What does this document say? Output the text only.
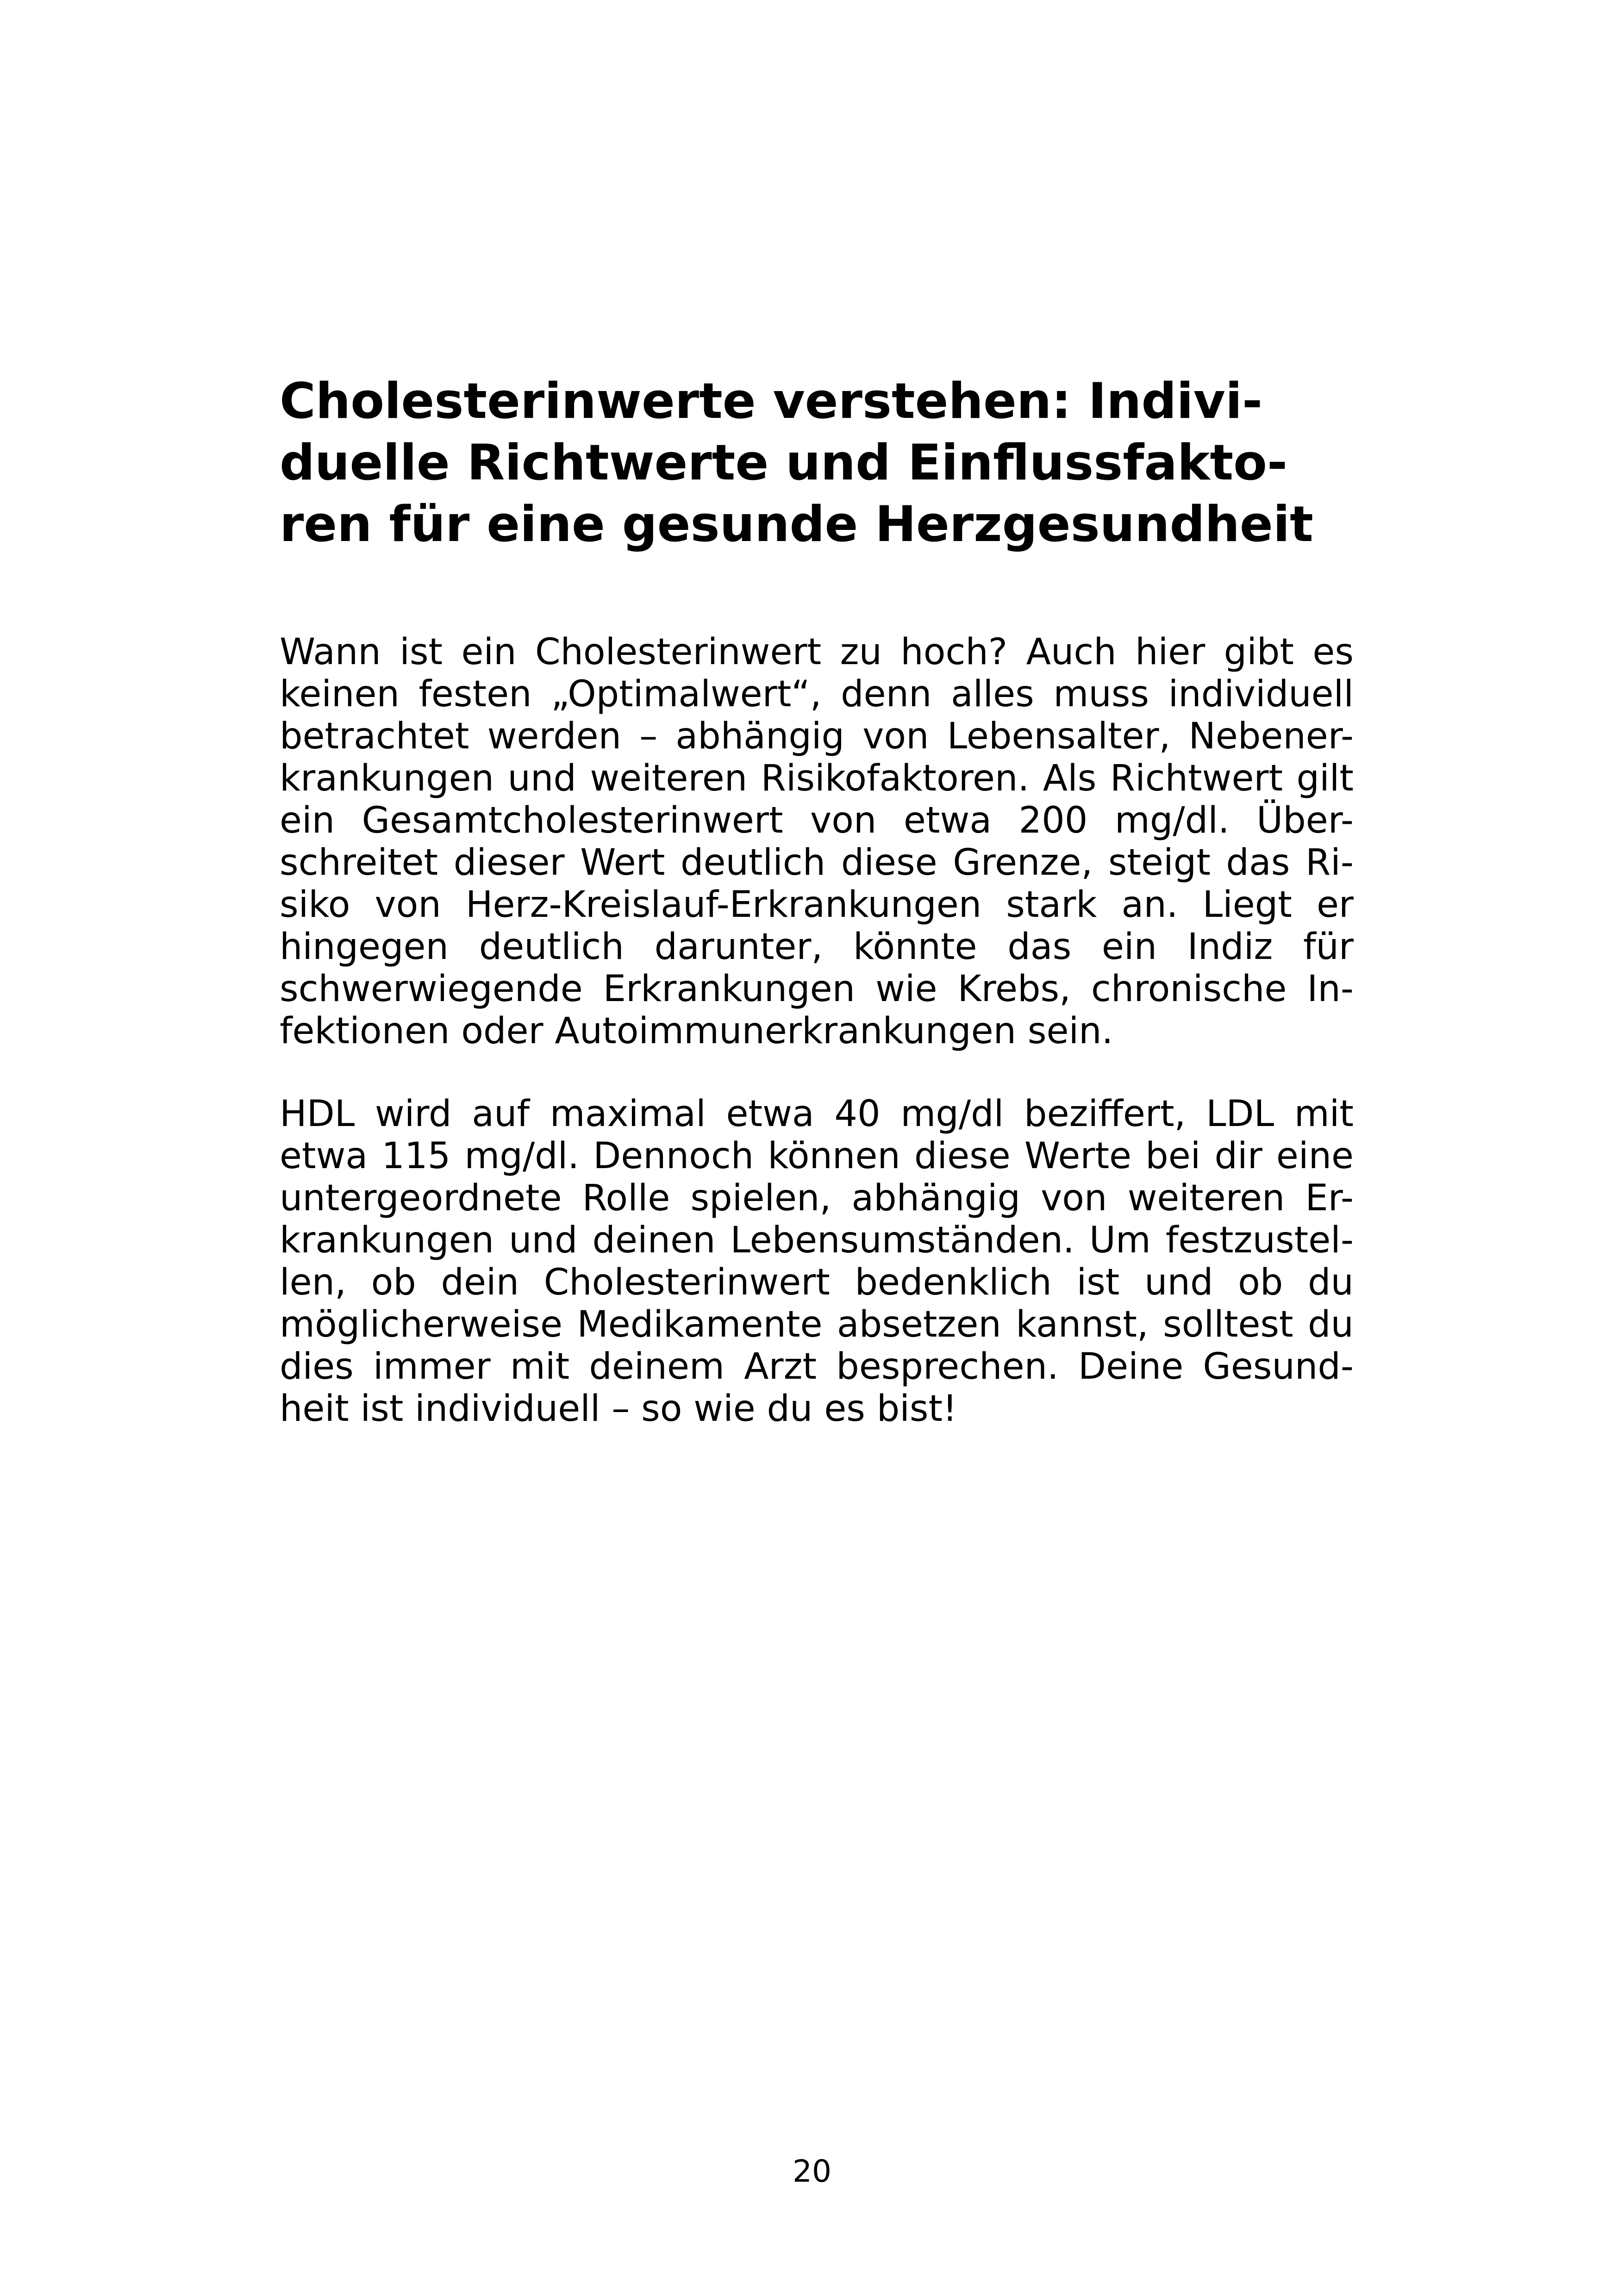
Cholesterinwerte verstehen: Indivi-
duelle Richtwerte und Einflussfakto-
ren für eine gesunde Herzgesundheit

Wann ist ein Cholesterinwert zu hoch? Auch hier gibt es
keinen festen „Optimalwert“, denn alles muss individuell
betrachtet werden – abhängig von Lebensalter, Nebener-
krankungen und weiteren Risikofaktoren. Als Richtwert gilt
ein Gesamtcholesterinwert von etwa 200 mg/dl. Über-
schreitet dieser Wert deutlich diese Grenze, steigt das Ri-
siko von Herz-Kreislauf-Erkrankungen stark an. Liegt er
hingegen deutlich darunter, könnte das ein Indiz für
schwerwiegende Erkrankungen wie Krebs, chronische In-
fektionen oder Autoimmunerkrankungen sein.

HDL wird auf maximal etwa 40 mg/dl beziffert, LDL mit
etwa 115 mg/dl. Dennoch können diese Werte bei dir eine
untergeordnete Rolle spielen, abhängig von weiteren Er-
krankungen und deinen Lebensumständen. Um festzustel-
len, ob dein Cholesterinwert bedenklich ist und ob du
möglicherweise Medikamente absetzen kannst, solltest du
dies immer mit deinem Arzt besprechen. Deine Gesund-
heit ist individuell – so wie du es bist!

20
